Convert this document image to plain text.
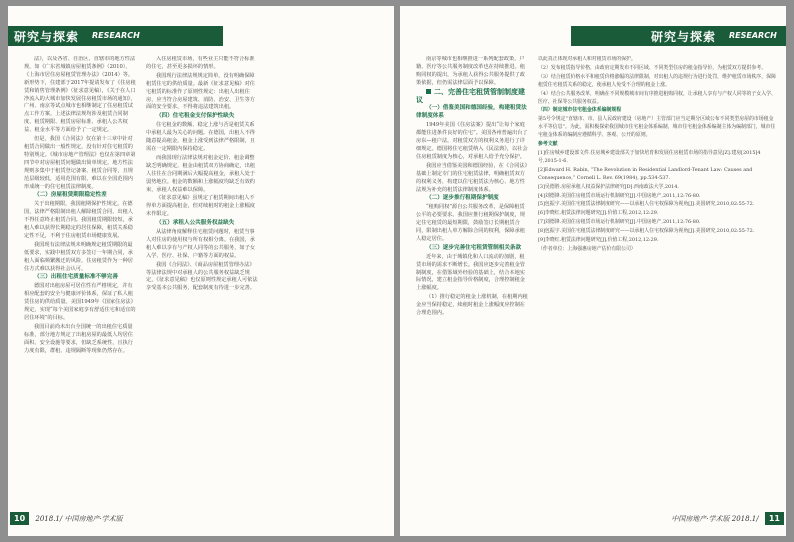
研究与探索 RESEARCH

法》，以及各省、自治区、直辖市的地方性法规。如《广东省城镇房屋租赁条例》（2010）、《上海市居住房屋租赁管理办法》（2014）等。新形势下，住建部于2017年提请发布了《住房租赁和销售管理条例》（征求意见稿），《关于在人口净流入的大城市加快发展住房租赁市场的通知》，广州、南京等试点城市也相继制定了住房租赁试点工作方案。上述法律法规均涉及租赁合同制度、租赁期限、租赁房屋标准、承租人公共权益、租金水平等方面给予了一定规定。

但是，我国《合同法》仅在第十三章中针对租赁合同做出一般性规定，没有针对住宅租赁的特别规定。《城市房地产管理法》也仅在第四章第四节中对房屋租赁问题做出简单规定。地方性法规则多集中于租赁登记备案、租赁合同等，且规范层级较低，适用范围有限，难以在全国范围内形成统一的住宅租赁法律制度。

（二）房屋租赁期限稳定性差

关于出租期限，我国租期保护性规定。在德国，法律严格限制出租人解除租赁合同，出租人不得任意终止租赁合同。我国租赁期限较短，承租人难以获得长期稳定的居住保障，租赁关系稳定性不足，不利于住房租赁市场健康发展。

我国现有法律法规未明确规定租赁期限的最低要求，实践中租赁双方多签订一年期合同，承租人面临频繁搬迁的风险，住房租赁作为一种居住方式难以获得社会认可。

（三）出租住宅质量标准不够完善

德国对出租房屋可居住性有严格规定，并有相应配套的安全与健康评价体系，保证了私人租赁住房的供给质量。美国1949年《国家住房法》规定，实现“每个美国家庭享有舒适住宅和适宜的居住环境”的目标。

我国目前尚未出台全国统一的出租住宅质量标准，部分地方规定了出租房屋的最低人均居住面积、安全设施等要求，但缺乏系统性，且执行力度有限，群租、违规隔断等现象仍然存在。

入住房租赁市场，有些业主只能不符合标准的住宅，甚至更多损坏的情形。

我国现行法律法规规定简单，没有明确保障租赁住宅的供给质量。最新《征求意见稿》对住宅租赁的标准作了原则性规定：出租人出租住房，应当符合房屋建筑、消防、治安、卫生等方面的安全要求，不得将违法建筑出租。

（四）住宅租金支付保护性缺失

住宅租金的数额、稳定上涨与否是租赁关系中承租人最为关心的问题。在德国，出租人不得随意提高租金，租金上涨受到法律严格限制，且需在一定期限内保持稳定。

而我国现行法律法规对租金定价、租金调整缺乏明确规定，租金由租赁双方协商确定，出租人往往在合同期满后大幅提高租金，承租人处于弱势地位。租金的数额和上涨幅度均缺乏有效约束，承租人权益难以保障。

《征求意见稿》虽规定了租赁期间出租人不得单方面提高租金，但对续租时的租金上涨幅度未作限定。

（五）承租人公共服务权益缺失

从法律角度解释住宅租赁问题时，租赁当事人对住房的使用权与所有权相分离。在我国，承租人难以享有与产权人同等的公共服务，如子女入学、医疗、社保、户籍等方面的权益。

我国《合同法》、《商品房屋租赁管理办法》等法律法规中对承租人的公共服务权益缺乏规定，《征求意见稿》也仅原则性规定承租人可依法享受基本公共服务，配套制度有待进一步完善。

10 2018.1/ 中国房地产·学术版
研究与探索 RESEARCH

南京等城市也相继推进一系列配套政策，户籍、医疗等公共服务制度改革也在持续推进。租购同权的提出，为承租人获得公共服务提供了政策依据，但仍需法律层面予以保障。

二、完善住宅租赁管制制度建议

（一）借鉴美国和德国经验，构建租赁法律制度体系

1949年美国《住房法案》提出“让每个家庭都能住进条件良好的住宅”。美国各州普遍出台了房东—租户法，对租赁双方的权利义务进行了详细规定。德国将住宅租赁纳入《民法典》，以社会住房租赁制度为核心，对承租人给予充分保护。

我国应当借鉴美国和德国经验，在《合同法》基础上制定专门的住宅租赁法律，明确租赁双方的权利义务，构建以住宅租赁法为核心、地方性法规为补充的租赁法律制度体系。

（二）逐步推行租期保护制度

“租购同权”源自公共服务改革，是保障租赁公平的必要要求。我国应推行租期保护制度，规定住宅租赁的最短期限，鼓励签订长期租赁合同，限制出租人单方解除合同的权利，保障承租人稳定居住。

（三）逐步完善住宅租赁管制相关条款

近年来，由于城镇化和人口流动的加剧，租赁市场的需求不断增长。我国应逐步完善租金管制制度，在借鉴域外经验的基础上，结合本地实际情况，建立租金指导价格制度，合理控制租金上涨幅度。

（1）推行稳定的租金上涨机制，在租期内租金应当保持稳定，续租时租金上涨幅度应控制在合理范围内。

以此真正体现对承租人和对租赁市场的保护。

（2）发布租赁指导价格，由政府定期发布不同区域、不同类型住房的租金指导价，为租赁双方提供参考。

（3）结合租赁价格水平和租赁价格涨幅的法律限制，对出租人的违规行为进行处罚，维护租赁市场秩序，保障租赁住宅租赁关系的稳定，使承租人免受不合理的租金上涨。

（4）结合公共服务改革，明确在不同规模城市间有序推进租购同权，让承租人享有与产权人同等的子女入学、医疗、社保等公共服务权益。

（四）制定城市住宅租金体系编制规程

第5号令规定“直辖市、市、县人民政府建设（房地产）主管部门应当定期分区域公布不同类型房屋的市场租金水平等信息”。为此，需积极探索我国城市住宅租金体系编制，城市住宅租金体系编制主体为编制部门，城市住宅租金体系的编制应遵循科学、客观、公开的原则。

参考文献

[1]住房城乡建设部文件.住房城乡建设部关于加快培育和发展住房租赁市场的指导意见[Z].建房[2015]4号,2015-1-6.

[2]Edward H. Rabin, “The Revolution in Residential Landlord-Tenant Law: Causes and Consequence,” Cornell L. Rev. 69(1984), pp.534-537.

[3]吴德胜.房屋承租人权益保护法律研究[D].西南政法大学,2014.

[4]刘德锋.美国住房租赁市场运行机制研究[J].中国房地产,2011,12:76-80.

[5]包振宇.美国住宅租赁法律制度研究——以承租人住宅权保障为视角[J].美国研究,2010,02:55-72.

[6]李晓红.租赁法律问题研究[J].价值工程,2012,12:29.

[7]刘德锋.美国住房租赁市场运行机制研究[J].中国房地产,2011,12:76-80.

[8]包振宇.美国住宅租赁法律制度研究——以承租人住宅权保障为视角[J].美国研究,2010,02:55-72.

[9]李晓红.租赁法律问题研究[J].价值工程,2012,12:29.

（作者单位：上海强惠房地产估价有限公司）

中国房地产·学术版 2018.1/ 11
